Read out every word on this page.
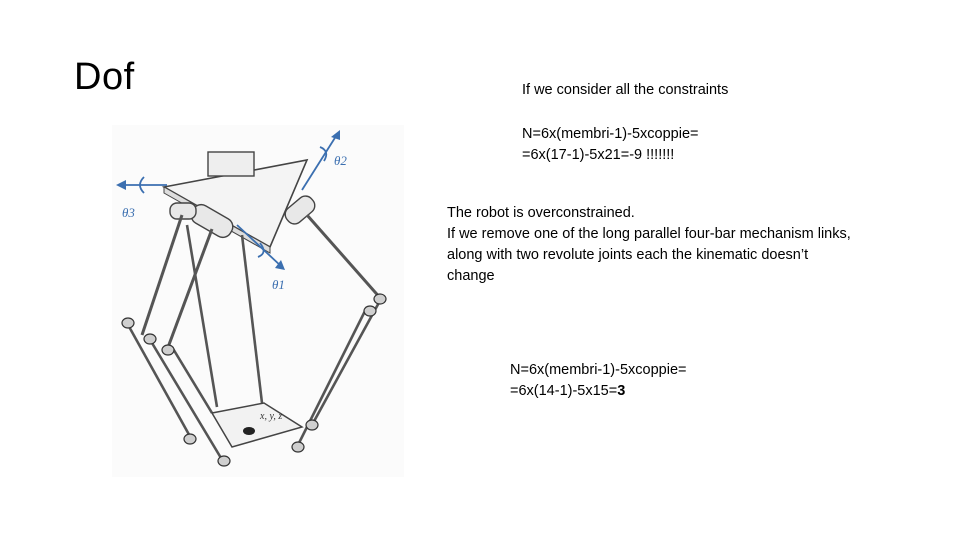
Dof	If we consider all the constraints
N=6x(membri-1)-5xcoppie=
=6x(17-1)-5x21=-9 !!!!!!!
The robot is overconstrained.
If we remove one of the long parallel four-bar mechanism links,
along with two revolute joints each the kinematic doesn’t
change
N=6x(membri-1)-5xcoppie=
=6x(14-1)-5x15=3
x, y, z
θ3
θ2
θ1
